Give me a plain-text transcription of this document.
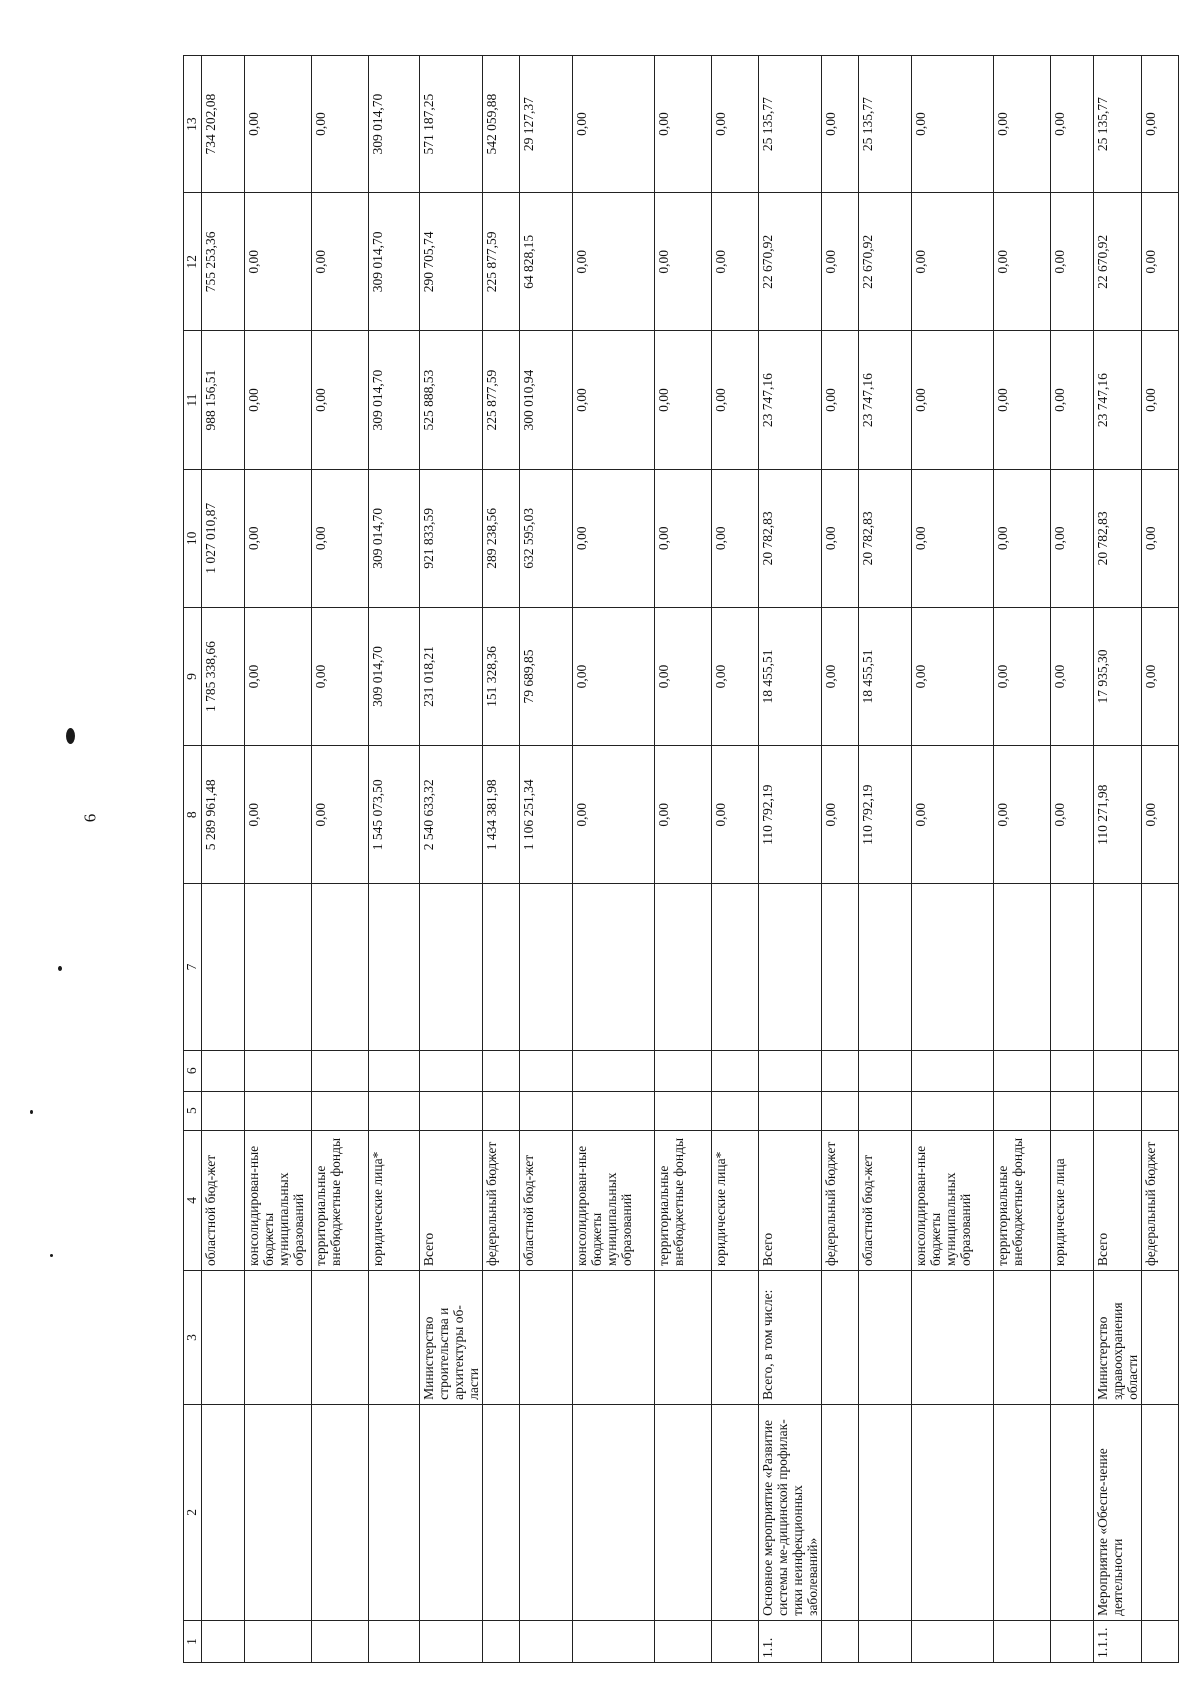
6
1	2	3	4	5	6	7	8	9	10	11	12	13
			областной бюд-жет				5 289 961,48	1 785 338,66	1 027 010,87	988 156,51	755 253,36	734 202,08
			консолидирован-ные бюджеты муниципальных образований				0,00	0,00	0,00	0,00	0,00	0,00
			территориальные внебюджетные фонды				0,00	0,00	0,00	0,00	0,00	0,00
			юридические лица*				1 545 073,50	309 014,70	309 014,70	309 014,70	309 014,70	309 014,70
		Министерство строительства и архитектуры об-ласти	Всего				2 540 633,32	231 018,21	921 833,59	525 888,53	290 705,74	571 187,25
			федеральный бюджет				1 434 381,98	151 328,36	289 238,56	225 877,59	225 877,59	542 059,88
			областной бюд-жет				1 106 251,34	79 689,85	632 595,03	300 010,94	64 828,15	29 127,37
			консолидирован-ные бюджеты муниципальных образований				0,00	0,00	0,00	0,00	0,00	0,00
			территориальные внебюджетные фонды				0,00	0,00	0,00	0,00	0,00	0,00
			юридические лица*				0,00	0,00	0,00	0,00	0,00	0,00
1.1.	Основное мероприятие «Развитие системы ме-дицинской профилак-тики неинфекционных заболеваний»	Всего, в том числе:	Всего				110 792,19	18 455,51	20 782,83	23 747,16	22 670,92	25 135,77
			федеральный бюджет				0,00	0,00	0,00	0,00	0,00	0,00
			областной бюд-жет				110 792,19	18 455,51	20 782,83	23 747,16	22 670,92	25 135,77
			консолидирован-ные бюджеты муниципальных образований				0,00	0,00	0,00	0,00	0,00	0,00
			территориальные внебюджетные фонды				0,00	0,00	0,00	0,00	0,00	0,00
			юридические лица				0,00	0,00	0,00	0,00	0,00	0,00
1.1.1.	Мероприятие «Обеспе-чение деятельности	Министерство здравоохранения области	Всего				110 271,98	17 935,30	20 782,83	23 747,16	22 670,92	25 135,77
			федеральный бюджет				0,00	0,00	0,00	0,00	0,00	0,00
